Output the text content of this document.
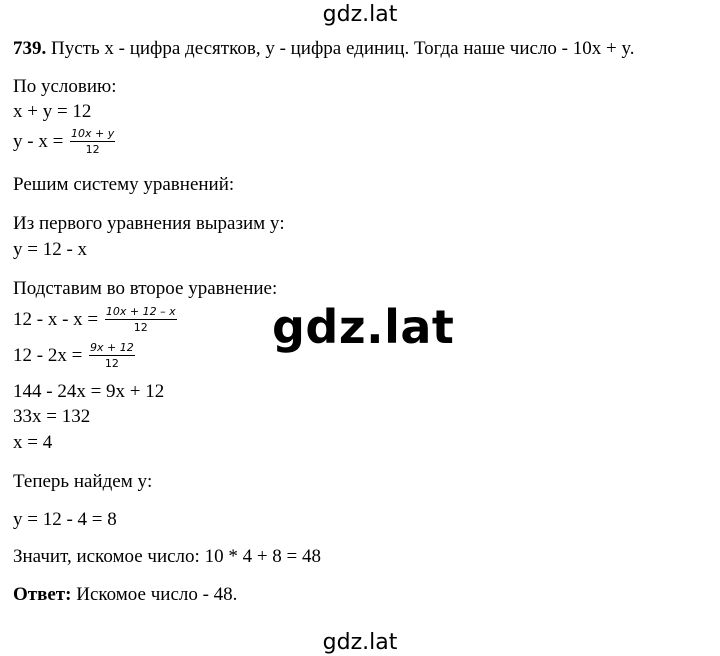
gdz.lat
739. Пусть x - цифра десятков, y - цифра единиц. Тогда наше число - 10x + y.
По условию:
x + y = 12
$y - x = \frac{10x + y}{12}$
Решим систему уравнений:
Из первого уравнения выразим y:
y = 12 - x
Подставим во второе уравнение:
$12 - x - x = \frac{10x + 12 - x}{12}$
$12 - 2x = \frac{9x + 12}{12}$
144 - 24x = 9x + 12
33x = 132
x = 4
Теперь найдем y:
y = 12 - 4 = 8
Значит, искомое число: 10 * 4 + 8 = 48
Ответ: Искомое число - 48.
gdz.lat
gdz.lat
